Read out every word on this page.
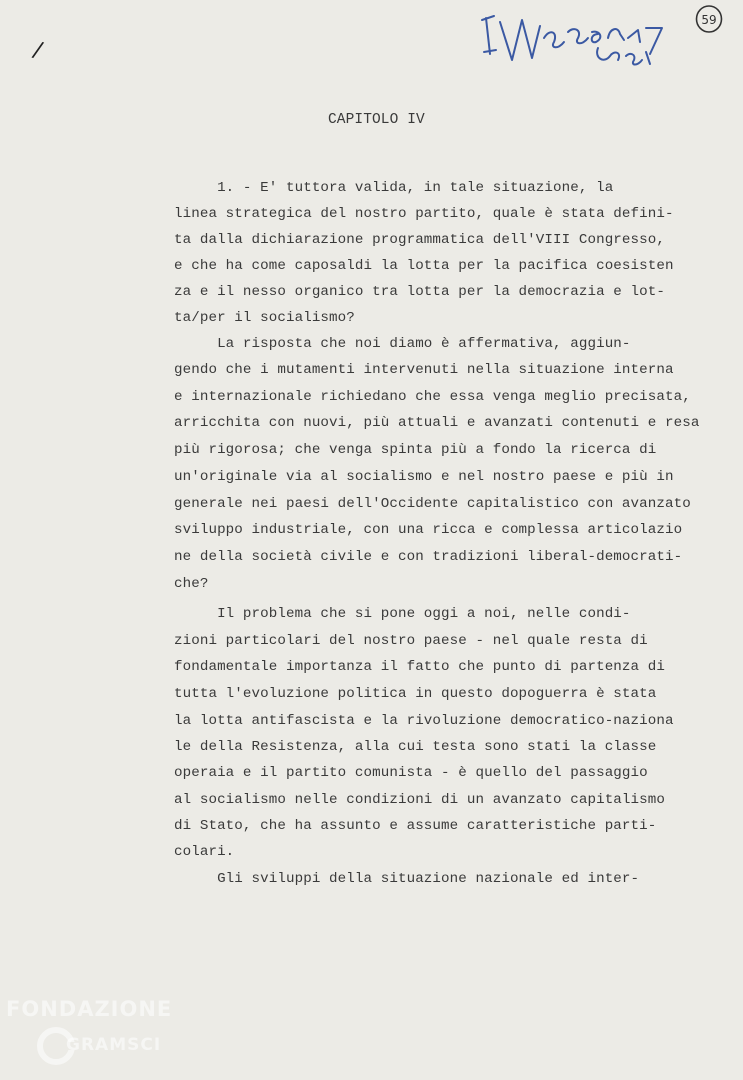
/
59
CAPITOLO IV
1. - E' tuttora valida, in tale situazione, la
linea strategica del nostro partito, quale è stata defini-
ta dalla dichiarazione programmatica dell'VIII Congresso,
e che ha come caposaldi la lotta per la pacifica coesisten
za e il nesso organico tra lotta per la democrazia e lot-
ta/per il socialismo?
La risposta che noi diamo è affermativa, aggiun-
gendo che i mutamenti intervenuti nella situazione interna
e internazionale richiedano che essa venga meglio precisata,
arricchita con nuovi, più attuali e avanzati contenuti e resa
più rigorosa; che venga spinta più a fondo la ricerca di
un'originale via al socialismo e nel nostro paese e più in
generale nei paesi dell'Occidente capitalistico con avanzato
sviluppo industriale, con una ricca e complessa articolazio
ne della società civile e con tradizioni liberal-democrati-
che?
Il problema che si pone oggi a noi, nelle condi-
zioni particolari del nostro paese - nel quale resta di
fondamentale importanza il fatto che punto di partenza di
tutta l'evoluzione politica in questo dopoguerra è stata
la lotta antifascista e la rivoluzione democratico-naziona
le della Resistenza, alla cui testa sono stati la classe
operaia e il partito comunista - è quello del passaggio
al socialismo nelle condizioni di un avanzato capitalismo
di Stato, che ha assunto e assume caratteristiche parti-
colari.
Gli sviluppi della situazione nazionale ed inter-
FONDAZIONE
GRAMSCI
